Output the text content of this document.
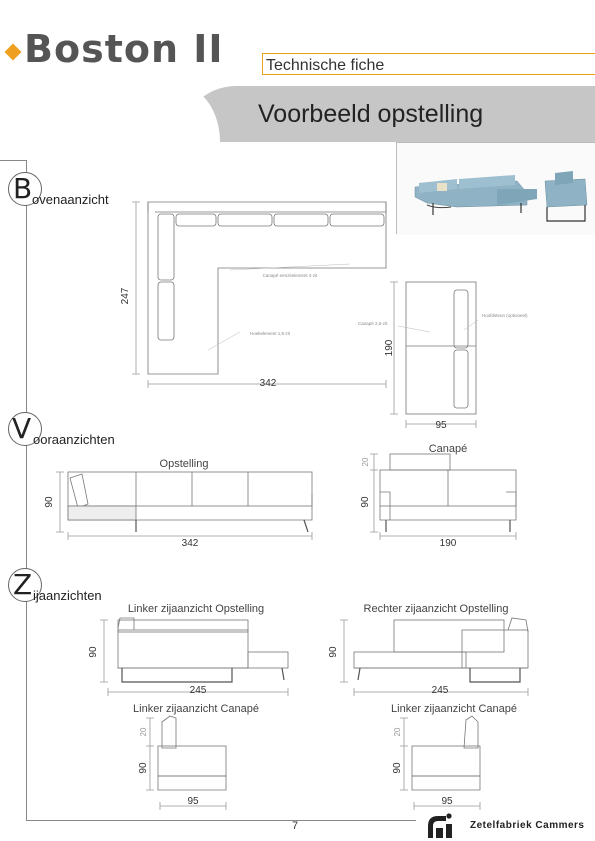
Boston II	Technische fiche
Voorbeeld opstelling
B ovenaanzicht
V ooraanzichten
Z ijaanzichten
247
342
Canapé eenzitelement 4-zit
Hoekelement 1,5-zit
190
95
Canapé 2,5-zit
Hoofdsteun (optioneel)
Opstelling
90
342
Canapé
20
90
190
Linker zijaanzicht Opstelling
90
245
Rechter zijaanzicht Opstelling
90
245
Linker zijaanzicht Canapé
20
90
95
Linker zijaanzicht Canapé
20
90
95
7	Zetelfabriek Cammers
